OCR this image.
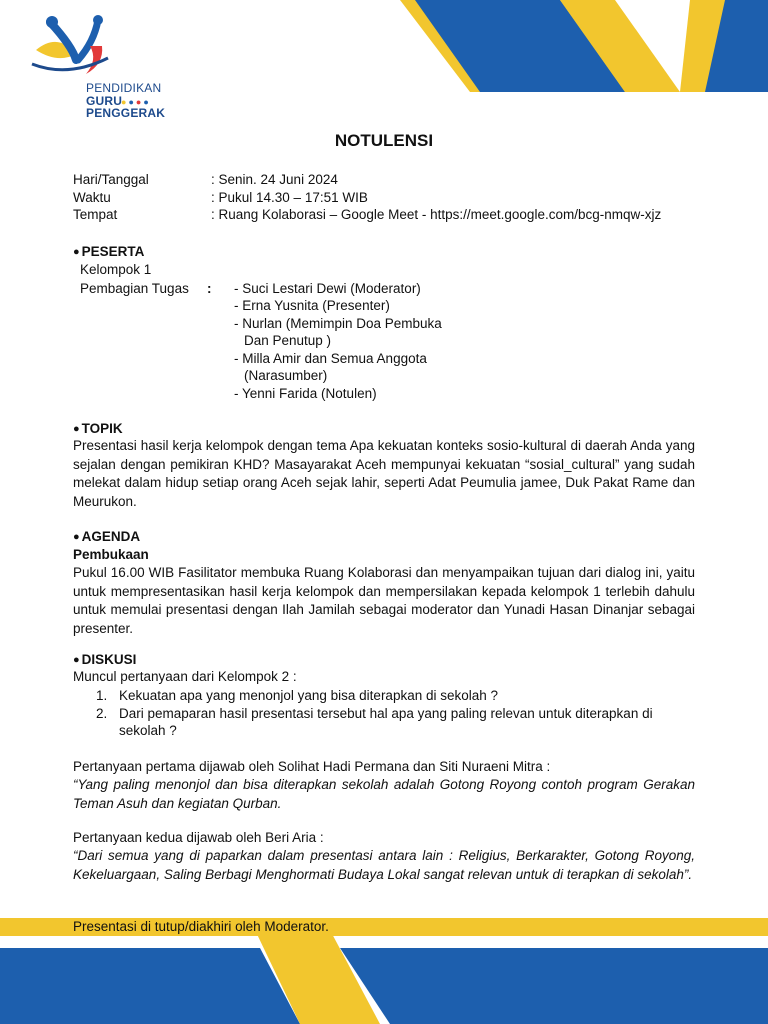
PENDIDIKAN
GURU
●●●●
PENGGERAK
NOTULENSI
Hari/Tanggal	: Senin. 24 Juni 2024
Waktu	: Pukul 14.30 – 17:51 WIB
Tempat	: Ruang Kolaborasi – Google Meet - https://meet.google.com/bcg-nmqw-xjz
● PESERTA
Kelompok 1
Pembagian Tugas : - Suci Lestari Dewi (Moderator)
- Erna Yusnita (Presenter)
- Nurlan (Memimpin Doa Pembuka
Dan Penutup )
- Milla Amir dan Semua Anggota
(Narasumber)
- Yenni Farida (Notulen)
● TOPIK
Presentasi hasil kerja kelompok dengan tema Apa kekuatan konteks sosio-kultural di daerah Anda yang sejalan dengan pemikiran KHD? Masayarakat Aceh mempunyai kekuatan “sosial_cultural” yang sudah melekat dalam hidup setiap orang Aceh sejak lahir, seperti Adat Peumulia jamee, Duk Pakat Rame dan Meurukon.
● AGENDA
Pembukaan
Pukul 16.00 WIB Fasilitator membuka Ruang Kolaborasi dan menyampaikan tujuan dari dialog ini, yaitu untuk mempresentasikan hasil kerja kelompok dan mempersilakan kepada kelompok 1 terlebih dahulu untuk memulai presentasi dengan Ilah Jamilah sebagai moderator dan Yunadi Hasan Dinanjar sebagai presenter.
● DISKUSI
Muncul pertanyaan dari Kelompok 2 :
1. Kekuatan apa yang menonjol yang bisa diterapkan di sekolah ?
2. Dari pemaparan hasil presentasi tersebut hal apa yang paling relevan untuk diterapkan di
sekolah ?
Pertanyaan pertama dijawab oleh Solihat Hadi Permana dan Siti Nuraeni Mitra :
“Yang paling menonjol dan bisa diterapkan sekolah adalah Gotong Royong contoh program Gerakan Teman Asuh dan kegiatan Qurban.
Pertanyaan kedua dijawab oleh Beri Aria :
“Dari semua yang di paparkan dalam presentasi antara lain : Religius, Berkarakter, Gotong Royong, Kekeluargaan, Saling Berbagi Menghormati Budaya Lokal sangat relevan untuk di terapkan di sekolah”.
Presentasi di tutup/diakhiri oleh Moderator.
